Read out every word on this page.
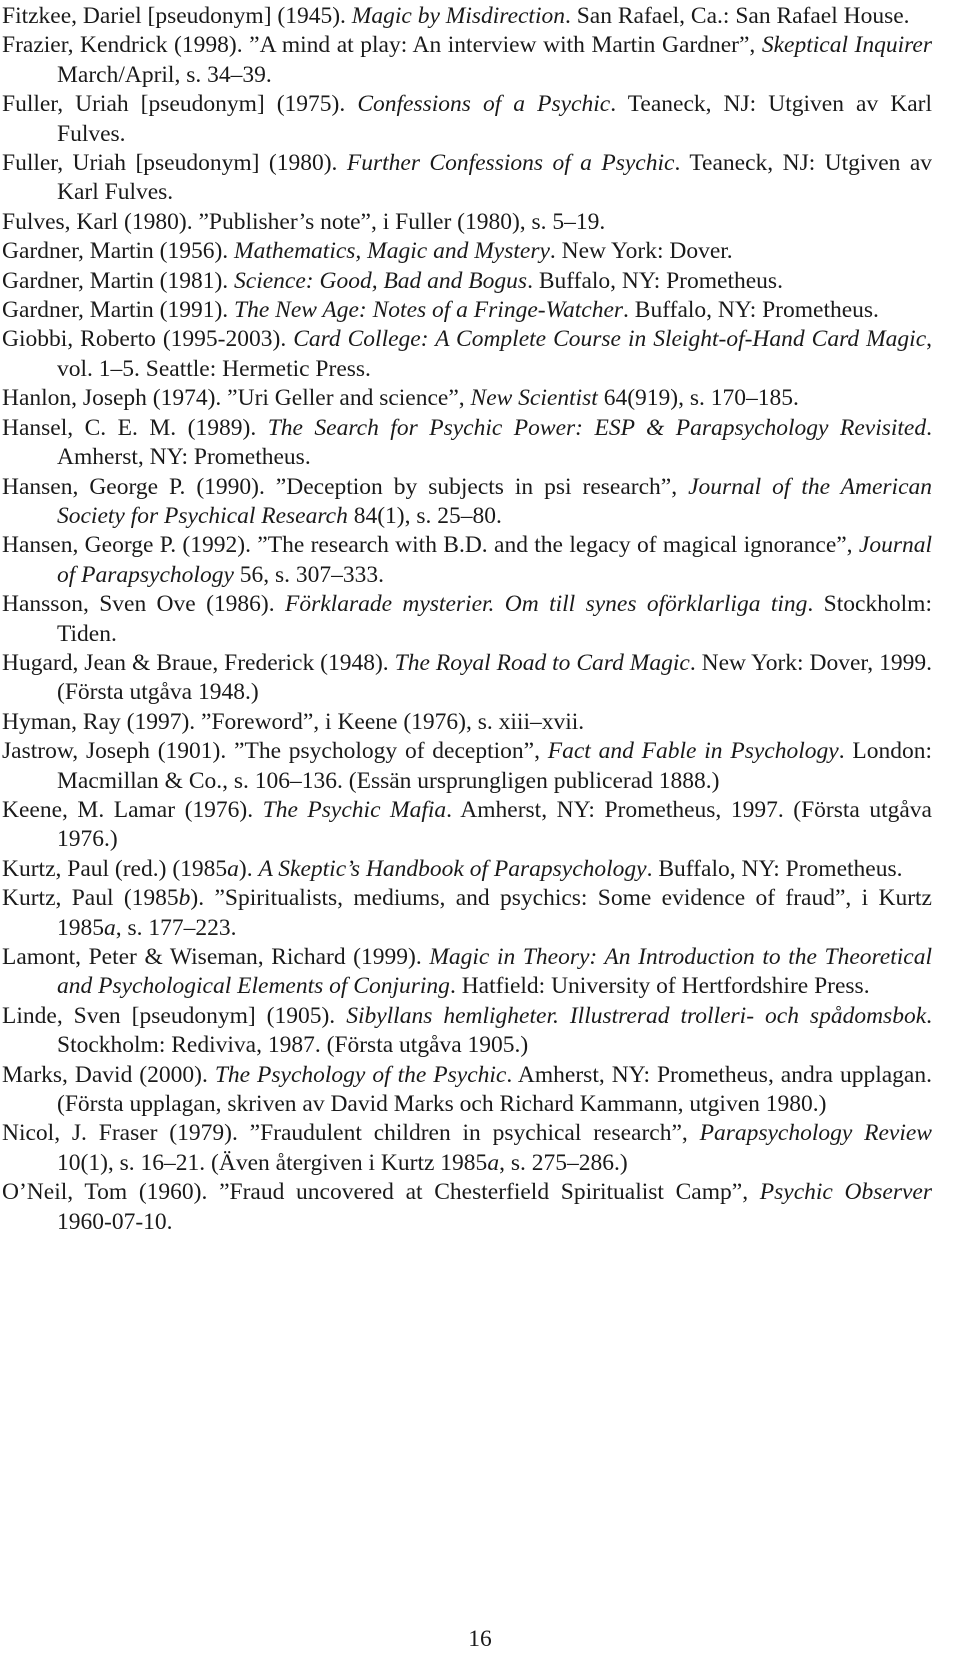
Fitzkee, Dariel [pseudonym] (1945). Magic by Misdirection. San Rafael, Ca.: San Rafael House.
Frazier, Kendrick (1998). ”A mind at play: An interview with Martin Gardner”, Skeptical Inquirer March/April, s. 34–39.
Fuller, Uriah [pseudonym] (1975). Confessions of a Psychic. Teaneck, NJ: Utgiven av Karl Fulves.
Fuller, Uriah [pseudonym] (1980). Further Confessions of a Psychic. Teaneck, NJ: Utgiven av Karl Fulves.
Fulves, Karl (1980). ”Publisher’s note”, i Fuller (1980), s. 5–19.
Gardner, Martin (1956). Mathematics, Magic and Mystery. New York: Dover.
Gardner, Martin (1981). Science: Good, Bad and Bogus. Buffalo, NY: Prometheus.
Gardner, Martin (1991). The New Age: Notes of a Fringe-Watcher. Buffalo, NY: Prometheus.
Giobbi, Roberto (1995-2003). Card College: A Complete Course in Sleight-of-Hand Card Magic, vol. 1–5. Seattle: Hermetic Press.
Hanlon, Joseph (1974). ”Uri Geller and science”, New Scientist 64(919), s. 170–185.
Hansel, C. E. M. (1989). The Search for Psychic Power: ESP & Parapsychology Revisited. Amherst, NY: Prometheus.
Hansen, George P. (1990). ”Deception by subjects in psi research”, Journal of the American Society for Psychical Research 84(1), s. 25–80.
Hansen, George P. (1992). ”The research with B.D. and the legacy of magical ignorance”, Journal of Parapsychology 56, s. 307–333.
Hansson, Sven Ove (1986). Förklarade mysterier. Om till synes oförklarliga ting. Stockholm: Tiden.
Hugard, Jean & Braue, Frederick (1948). The Royal Road to Card Magic. New York: Dover, 1999. (Första utgåva 1948.)
Hyman, Ray (1997). ”Foreword”, i Keene (1976), s. xiii–xvii.
Jastrow, Joseph (1901). ”The psychology of deception”, Fact and Fable in Psychology. London: Macmillan & Co., s. 106–136. (Essän ursprungligen publicerad 1888.)
Keene, M. Lamar (1976). The Psychic Mafia. Amherst, NY: Prometheus, 1997. (Första utgåva 1976.)
Kurtz, Paul (red.) (1985a). A Skeptic’s Handbook of Parapsychology. Buffalo, NY: Prometheus.
Kurtz, Paul (1985b). ”Spiritualists, mediums, and psychics: Some evidence of fraud”, i Kurtz 1985a, s. 177–223.
Lamont, Peter & Wiseman, Richard (1999). Magic in Theory: An Introduction to the Theoretical and Psychological Elements of Conjuring. Hatfield: University of Hertfordshire Press.
Linde, Sven [pseudonym] (1905). Sibyllans hemligheter. Illustrerad trolleri- och spådomsbok. Stockholm: Rediviva, 1987. (Första utgåva 1905.)
Marks, David (2000). The Psychology of the Psychic. Amherst, NY: Prometheus, andra upplagan. (Första upplagan, skriven av David Marks och Richard Kammann, utgiven 1980.)
Nicol, J. Fraser (1979). ”Fraudulent children in psychical research”, Parapsychology Review 10(1), s. 16–21. (Även återgiven i Kurtz 1985a, s. 275–286.)
O’Neil, Tom (1960). ”Fraud uncovered at Chesterfield Spiritualist Camp”, Psychic Observer 1960-07-10.
16
